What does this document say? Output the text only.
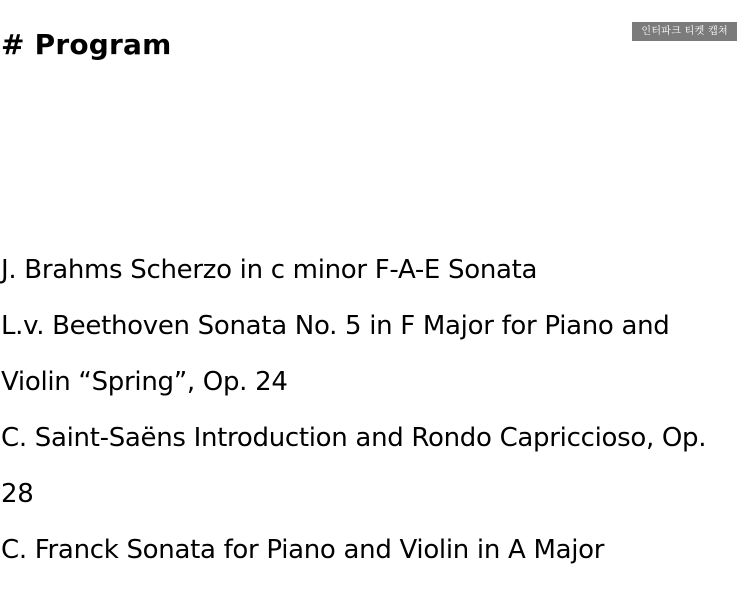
# Program	인터파크 티켓 캡쳐
J. Brahms Scherzo in c minor F-A-E Sonata
L.v. Beethoven Sonata No. 5 in F Major for Piano and Violin “Spring”, Op. 24
C. Saint-Saëns Introduction and Rondo Capriccioso, Op. 28
C. Franck Sonata for Piano and Violin in A Major
